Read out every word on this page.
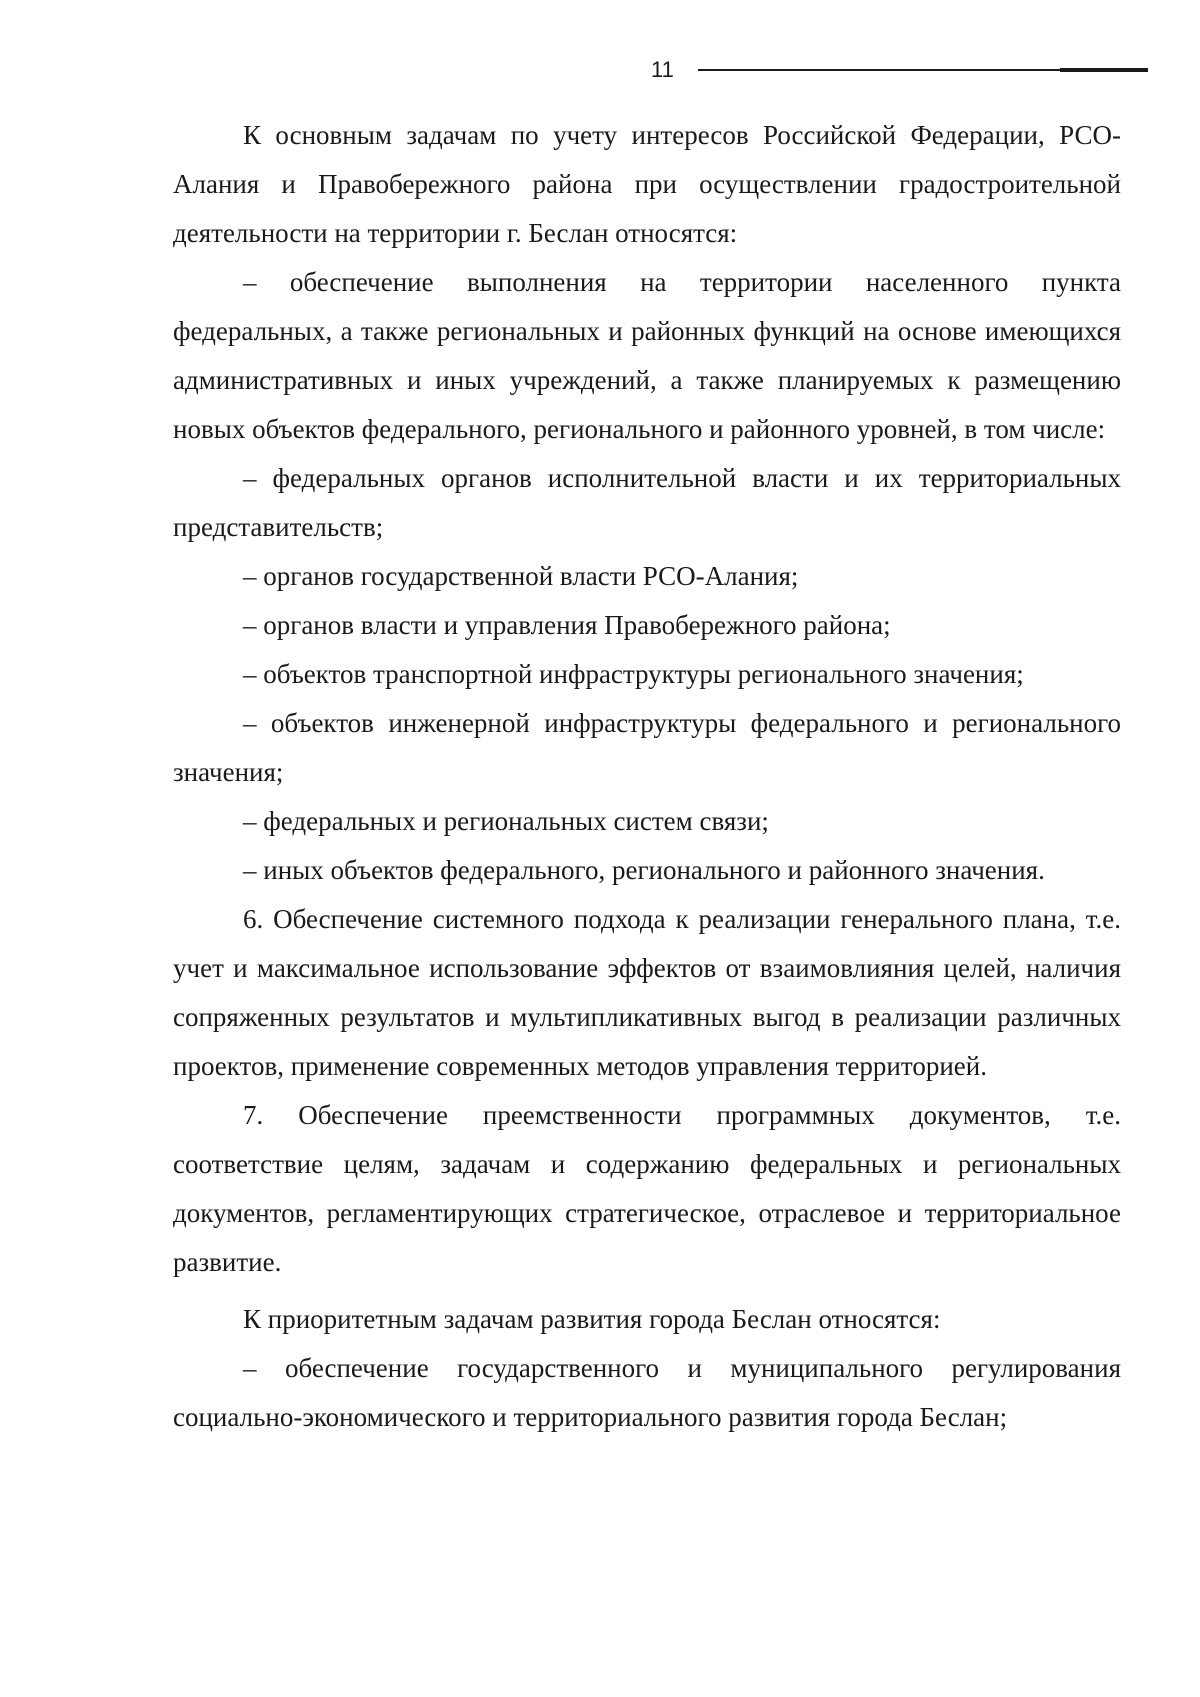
11

К основным задачам по учету интересов Российской Федерации, РСО-Алания и Правобережного района при осуществлении градостроительной деятельности на территории г. Беслан относятся:

– обеспечение выполнения на территории населенного пункта федеральных, а также региональных и районных функций на основе имеющихся административных и иных учреждений, а также планируемых к размещению новых объектов федерального, регионального и районного уровней, в том числе:

– федеральных органов исполнительной власти и их территориальных представительств;

– органов государственной власти РСО-Алания;

– органов власти и управления Правобережного района;

– объектов транспортной инфраструктуры регионального значения;

– объектов инженерной инфраструктуры федерального и регионального значения;

– федеральных и региональных систем связи;

– иных объектов федерального, регионального и районного значения.

6. Обеспечение системного подхода к реализации генерального плана, т.е. учет и максимальное использование эффектов от взаимовлияния целей, наличия сопряженных результатов и мультипликативных выгод в реализации различных проектов, применение современных методов управления территорией.

7. Обеспечение преемственности программных документов, т.е. соответствие целям, задачам и содержанию федеральных и региональных документов, регламентирующих стратегическое, отраслевое и территориальное развитие.

К приоритетным задачам развития города Беслан относятся:

– обеспечение государственного и муниципального регулирования социально-экономического и территориального развития города Беслан;
